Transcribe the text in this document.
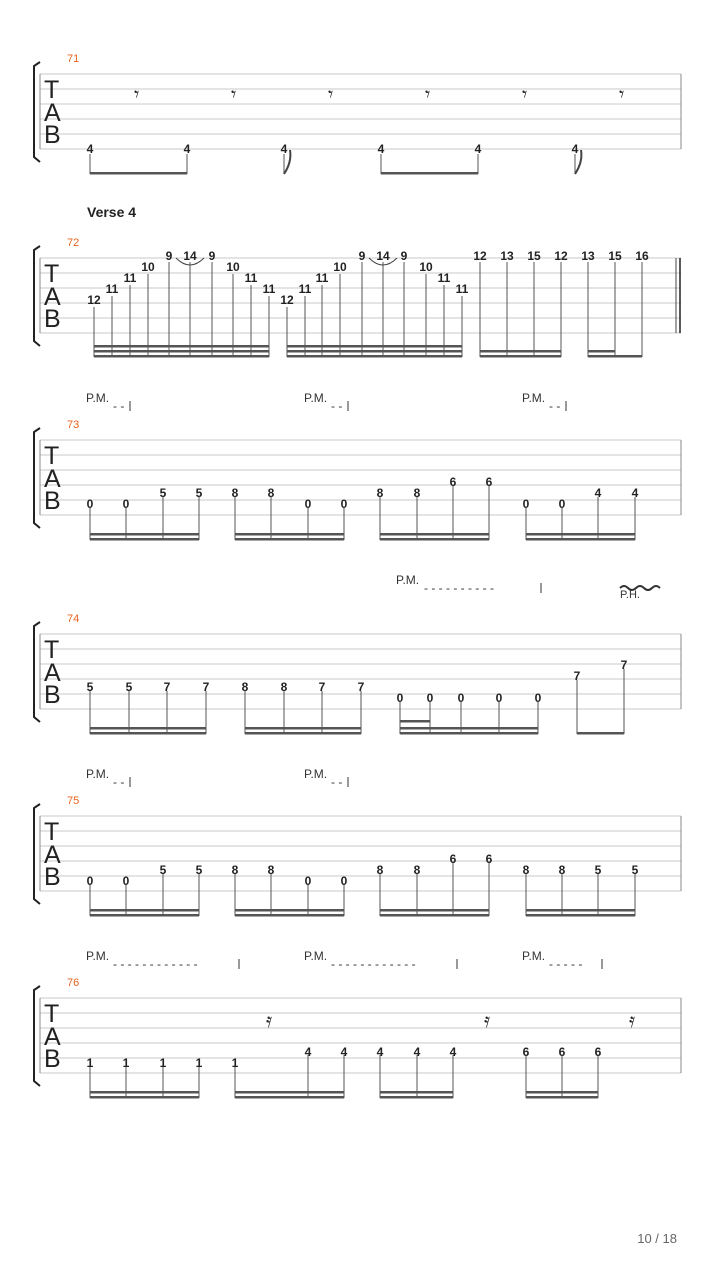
71
T
A
B
𝄾	𝄾	𝄾	𝄾	𝄾	𝄾
4	4	4	4	4	4
Verse 4
72
T
A
B
12
11
11
10
9 14 9
10
11
11
12
11
11
10
9 14 9
10
11
11
12 13 15 12 13 15 16
P.M.
- -
P.M.
- -
P.M.
- -
73
T
A
B 0 0
5 5 8 8
0 0
8	8
6 6
0 0
4	4
P.M.
- - - - - - - - - -	P.H.
74
T
A
B 5	5	7	7	8	8	7	7
0 0 0	0	0
7
7
P.M.
- -
P.M.
- -
75
T
A
B 0 0
5 5 8 8
0 0
8	8
6 6
8 8 5	5
P.M.
- - - - - - - - - - - -
P.M.
- - - - - - - - - - - -
P.M.
- - - - -
76
T
A
B
𝄿	𝄿	𝄿
1 1	1 1 1
4 4 4	4 4	6 6 6
10 / 18
